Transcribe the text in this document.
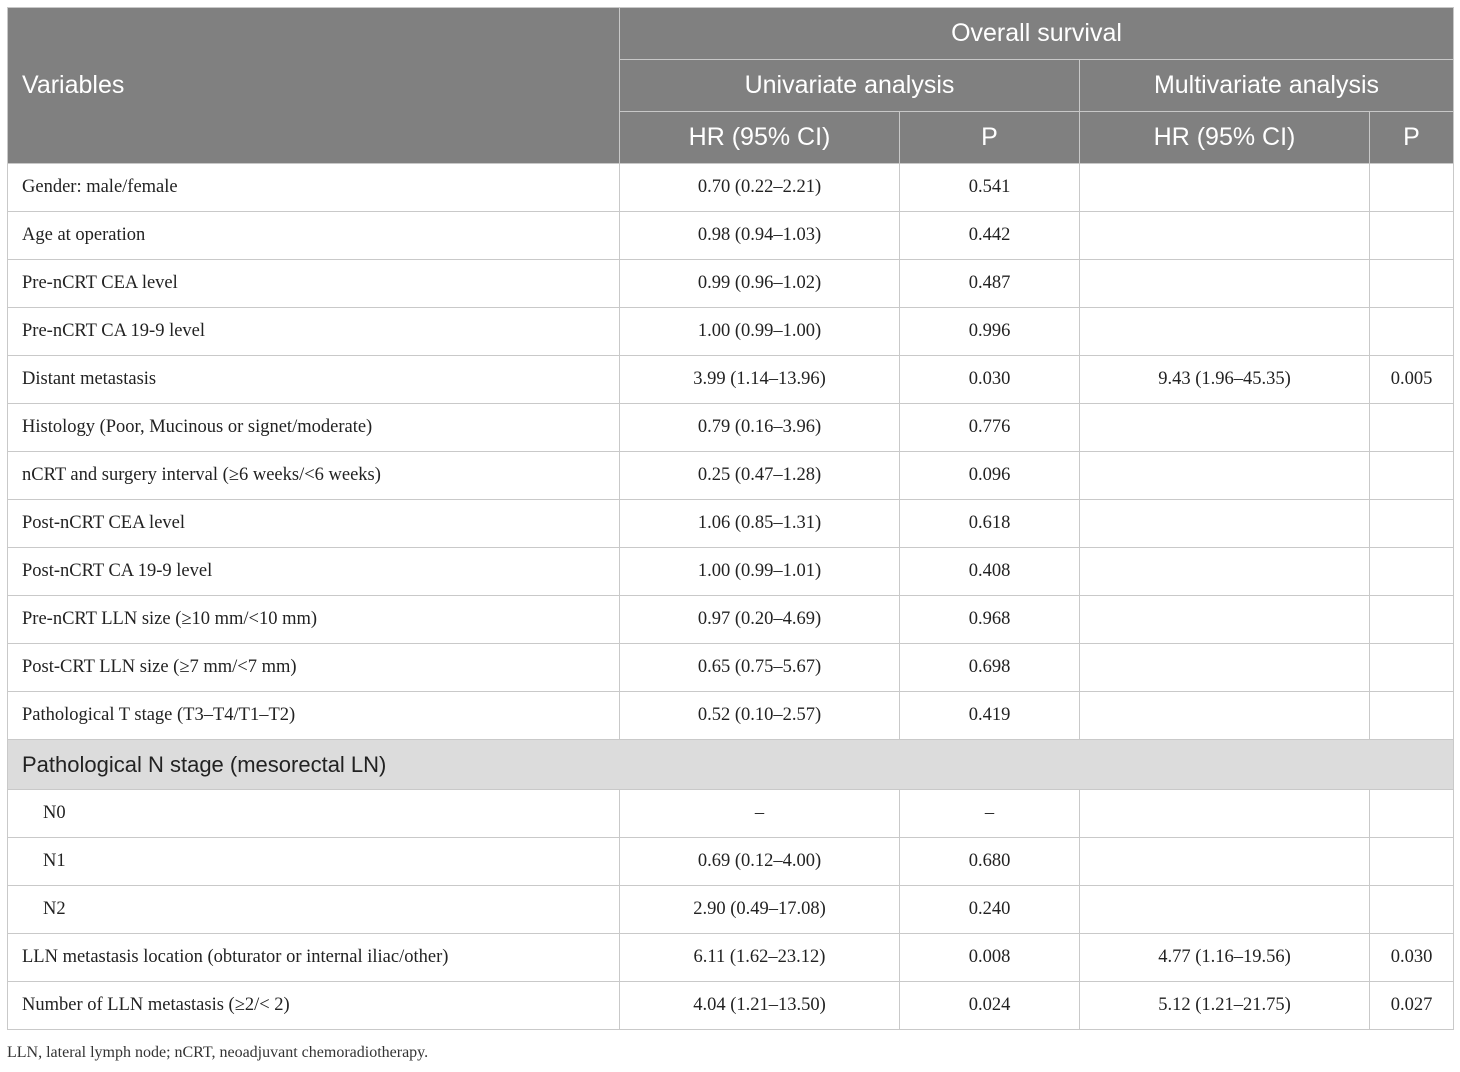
Variables	Overall survival			
	Univariate analysis		Multivariate analysis	
	HR (95% CI)	P	HR (95% CI)	P
Gender: male/female	0.70 (0.22–2.21)	0.541		
Age at operation	0.98 (0.94–1.03)	0.442		
Pre-nCRT CEA level	0.99 (0.96–1.02)	0.487		
Pre-nCRT CA 19-9 level	1.00 (0.99–1.00)	0.996		
Distant metastasis	3.99 (1.14–13.96)	0.030	9.43 (1.96–45.35)	0.005
Histology (Poor, Mucinous or signet/moderate)	0.79 (0.16–3.96)	0.776		
nCRT and surgery interval (≥6 weeks/<6 weeks)	0.25 (0.47–1.28)	0.096		
Post-nCRT CEA level	1.06 (0.85–1.31)	0.618		
Post-nCRT CA 19-9 level	1.00 (0.99–1.01)	0.408		
Pre-nCRT LLN size (≥10 mm/<10 mm)	0.97 (0.20–4.69)	0.968		
Post-CRT LLN size (≥7 mm/<7 mm)	0.65 (0.75–5.67)	0.698		
Pathological T stage (T3–T4/T1–T2)	0.52 (0.10–2.57)	0.419		
Pathological N stage (mesorectal LN)				
N0	–	–		
N1	0.69 (0.12–4.00)	0.680		
N2	2.90 (0.49–17.08)	0.240		
LLN metastasis location (obturator or internal iliac/other)	6.11 (1.62–23.12)	0.008	4.77 (1.16–19.56)	0.030
Number of LLN metastasis (≥2/< 2)	4.04 (1.21–13.50)	0.024	5.12 (1.21–21.75)	0.027
LLN, lateral lymph node; nCRT, neoadjuvant chemoradiotherapy.
